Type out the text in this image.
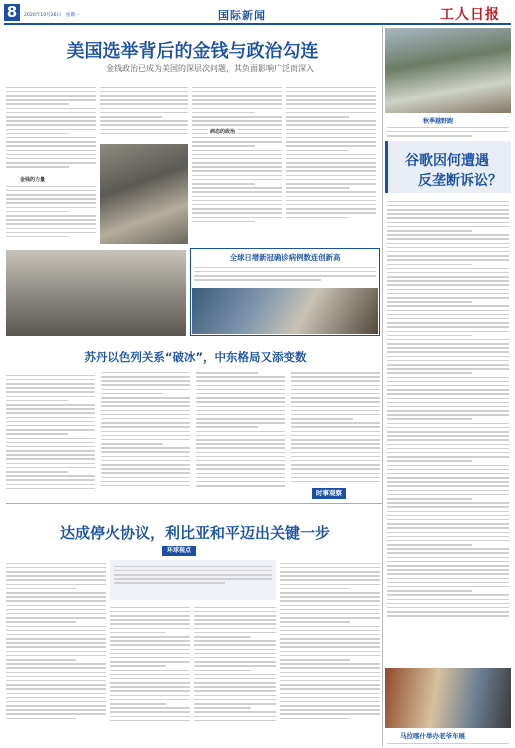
8	2020年10月26日　星期一	国际新闻	工人日报
美国选举背后的金钱与政治勾连
金钱政治已成为美国的深层次问题，其负面影响广泛而深入
金钱的力量
病态的政治
秋季越野跑
谷歌因何遭遇
反垄断诉讼？
全球日增新冠确诊病例数连创新高
苏丹以色列关系“破冰”，中东格局又添变数
时事观察
达成停火协议，利比亚和平迈出关键一步
环球视点
马拉喀什举办老爷车展
